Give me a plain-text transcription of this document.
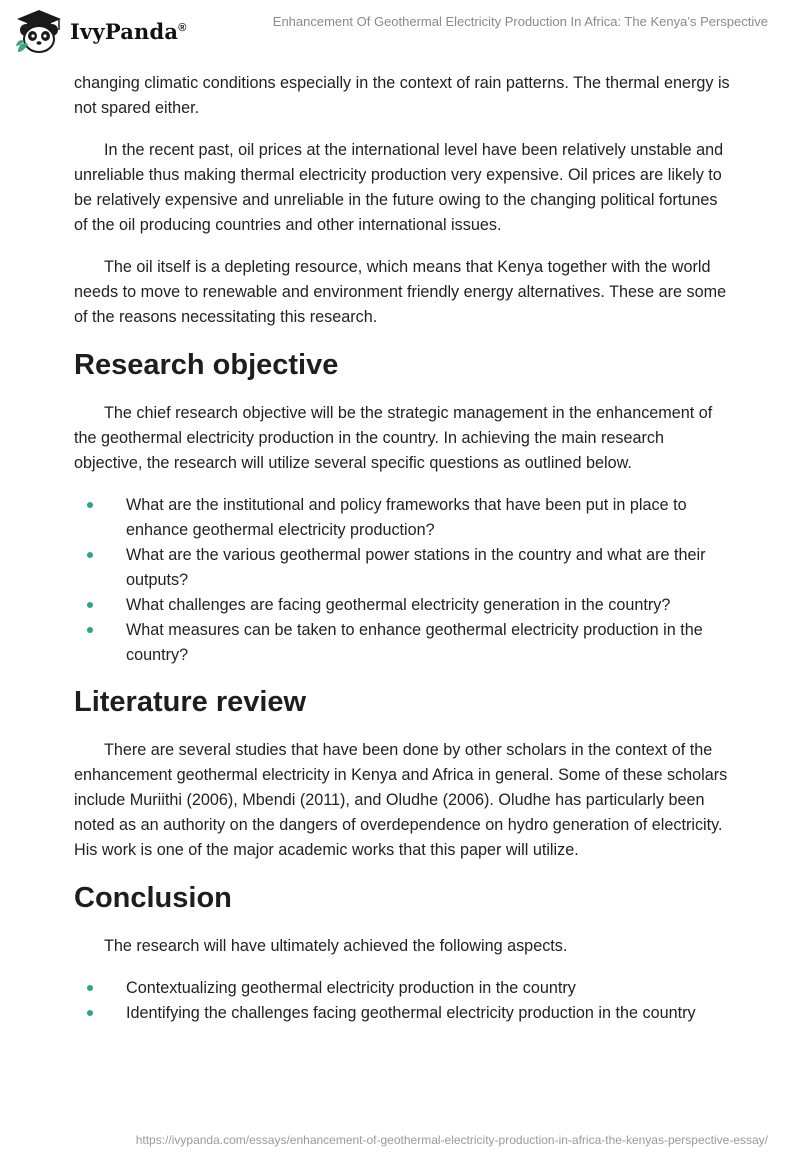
IvyPanda®	Enhancement Of Geothermal Electricity Production In Africa: The Kenya’s Perspective

changing climatic conditions especially in the context of rain patterns. The thermal energy is not spared either.

In the recent past, oil prices at the international level have been relatively unstable and unreliable thus making thermal electricity production very expensive. Oil prices are likely to be relatively expensive and unreliable in the future owing to the changing political fortunes of the oil producing countries and other international issues.

The oil itself is a depleting resource, which means that Kenya together with the world needs to move to renewable and environment friendly energy alternatives. These are some of the reasons necessitating this research.

Research objective

The chief research objective will be the strategic management in the enhancement of the geothermal electricity production in the country. In achieving the main research objective, the research will utilize several specific questions as outlined below.

What are the institutional and policy frameworks that have been put in place to enhance geothermal electricity production?
What are the various geothermal power stations in the country and what are their outputs?
What challenges are facing geothermal electricity generation in the country?
What measures can be taken to enhance geothermal electricity production in the country?
Literature review

There are several studies that have been done by other scholars in the context of the enhancement geothermal electricity in Kenya and Africa in general. Some of these scholars include Muriithi (2006), Mbendi (2011), and Oludhe (2006). Oludhe has particularly been noted as an authority on the dangers of overdependence on hydro generation of electricity. His work is one of the major academic works that this paper will utilize.

Conclusion

The research will have ultimately achieved the following aspects.

Contextualizing geothermal electricity production in the country
Identifying the challenges facing geothermal electricity production in the country
https://ivypanda.com/essays/enhancement-of-geothermal-electricity-production-in-africa-the-kenyas-perspective-essay/
